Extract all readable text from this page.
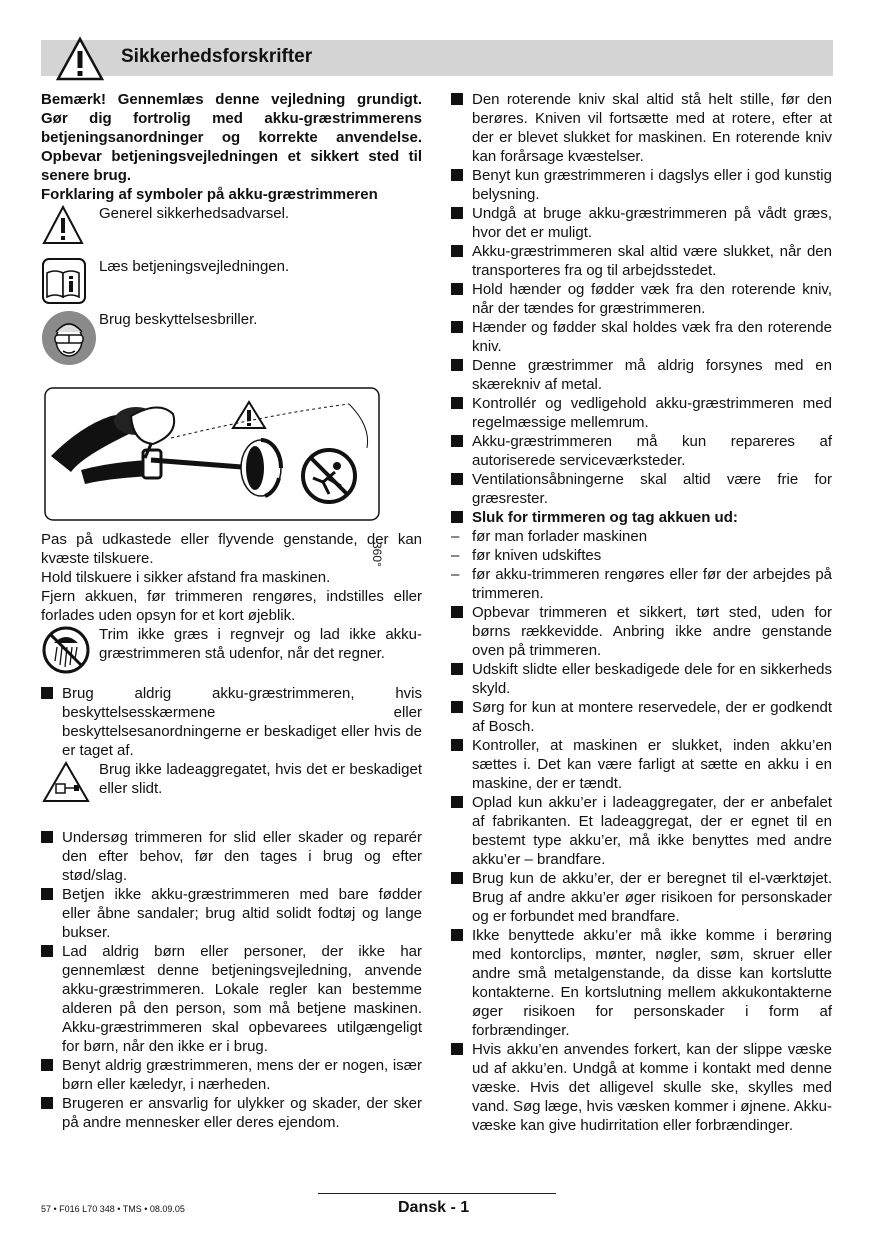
Sikkerhedsforskrifter

Bemærk! Gennemlæs denne vejledning grundigt. Gør dig fortrolig med akku-græstrimmerens betjeningsanordninger og korrekte anvendelse. Opbevar betjeningsvejledningen et sikkert sted til senere brug.

Forklaring af symboler på akku-græstrimmeren

Generel sikkerhedsadvarsel.
Læs betjeningsvejledningen.
Brug beskyttelsesbriller.
360°

Pas på udkastede eller flyvende genstande, der kan kvæste tilskuere.

Hold tilskuere i sikker afstand fra maskinen.

Fjern akkuen, før trimmeren rengøres, indstilles eller forlades uden opsyn for et kort øjeblik.

Trim ikke græs i regnvejr og lad ikke akku-græstrimmeren stå udenfor, når det regner.
Brug aldrig akku-græstrimmeren, hvis beskyttelsesskærmene eller beskyttelsesanordningerne er beskadiget eller hvis de er taget af.
Brug ikke ladeaggregatet, hvis det er beskadiget eller slidt.
Undersøg trimmeren for slid eller skader og reparér den efter behov, før den tages i brug og efter stød/slag.
Betjen ikke akku-græstrimmeren med bare fødder eller åbne sandaler; brug altid solidt fodtøj og lange bukser.
Lad aldrig børn eller personer, der ikke har gennemlæst denne betjeningsvejledning, anvende akku-græstrimmeren. Lokale regler kan bestemme alderen på den person, som må betjene maskinen. Akku-græstrimmeren skal opbevarees utilgængeligt for børn, når den ikke er i brug.
Benyt aldrig græstrimmeren, mens der er nogen, især børn eller kæledyr, i nærheden.
Brugeren er ansvarlig for ulykker og skader, der sker på andre mennesker eller deres ejendom.
Den roterende kniv skal altid stå helt stille, før den berøres. Kniven vil fortsætte med at rotere, efter at der er blevet slukket for maskinen. En roterende kniv kan forårsage kvæstelser.
Benyt kun græstrimmeren i dagslys eller i god kunstig belysning.
Undgå at bruge akku-græstrimmeren på vådt græs, hvor det er muligt.
Akku-græstrimmeren skal altid være slukket, når den transporteres fra og til arbejdsstedet.
Hold hænder og fødder væk fra den roterende kniv, når der tændes for græstrimmeren.
Hænder og fødder skal holdes væk fra den roterende kniv.
Denne græstrimmer må aldrig forsynes med en skærekniv af metal.
Kontrollér og vedligehold akku-græstrimmeren med regelmæssige mellemrum.
Akku-græstrimmeren må kun repareres af autoriserede serviceværksteder.
Ventilationsåbningerne skal altid være frie for græsrester.
Sluk for tirmmeren og tag akkuen ud:
– før man forlader maskinen
– før kniven udskiftes
– før akku-trimmeren rengøres eller før der arbejdes på trimmeren.
Opbevar trimmeren et sikkert, tørt sted, uden for børns rækkevidde. Anbring ikke andre genstande oven på trimmeren.
Udskift slidte eller beskadigede dele for en sikkerheds skyld.
Sørg for kun at montere reservedele, der er godkendt af Bosch.
Kontroller, at maskinen er slukket, inden akku’en sættes i. Det kan være farligt at sætte en akku i en maskine, der er tændt.
Oplad kun akku’er i ladeaggregater, der er anbefalet af fabrikanten. Et ladeaggregat, der er egnet til en bestemt type akku’er, må ikke benyttes med andre akku’er – brandfare.
Brug kun de akku’er, der er beregnet til el-værktøjet. Brug af andre akku’er øger risikoen for personskader og er forbundet med brandfare.
Ikke benyttede akku’er må ikke komme i berøring med kontorclips, mønter, nøgler, søm, skruer eller andre små metalgenstande, da disse kan kortslutte kontakterne. En kortslutning mellem akkukontakterne øger risikoen for personskader i form af forbrændinger.
Hvis akku’en anvendes forkert, kan der slippe væske ud af akku’en. Undgå at komme i kontakt med denne væske. Hvis det alligevel skulle ske, skylles med vand. Søg læge, hvis væsken kommer i øjnene. Akku-væske kan give hudirritation eller forbrændinger.
57 • F016 L70 348 • TMS • 08.09.05	Dansk - 1
